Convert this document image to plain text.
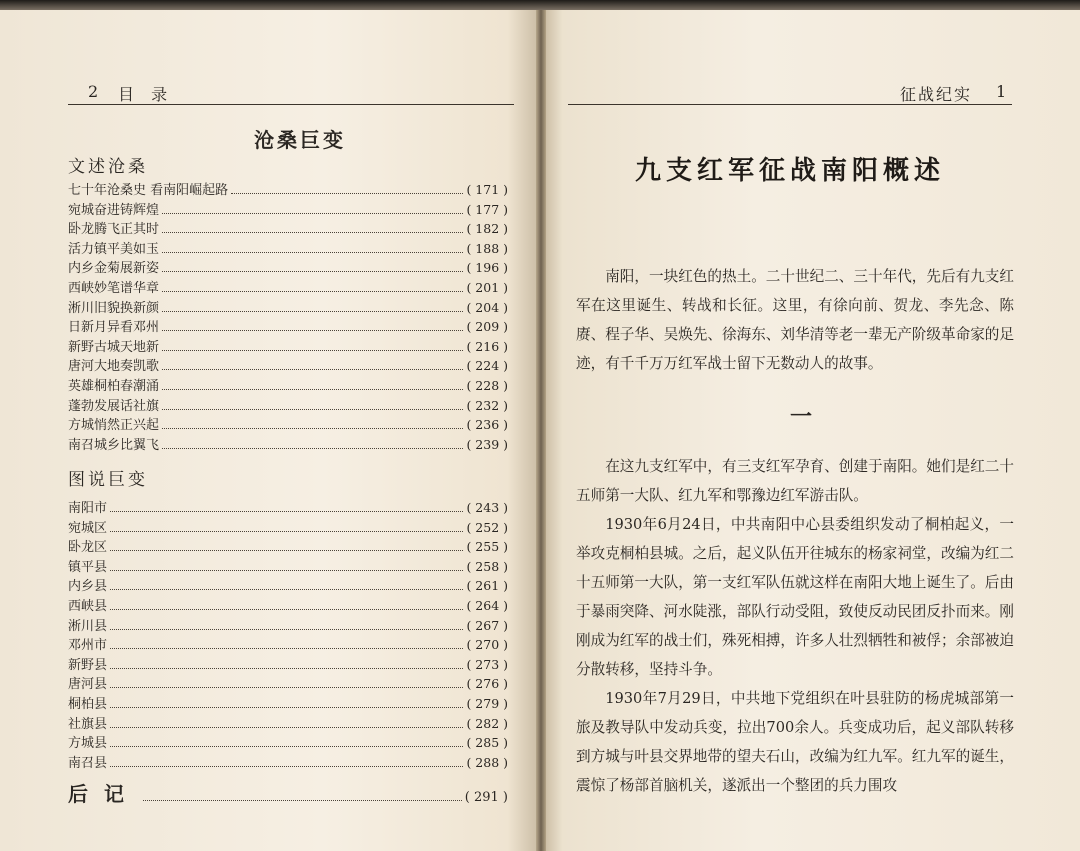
2 目 录
沧桑巨变
文述沧桑
七十年沧桑史 看南阳崛起路	( 171 )
宛城奋进铸辉煌	( 177 )
卧龙腾飞正其时	( 182 )
活力镇平美如玉	( 188 )
内乡金菊展新姿	( 196 )
西峡妙笔谱华章	( 201 )
淅川旧貌换新颜	( 204 )
日新月异看邓州	( 209 )
新野古城天地新	( 216 )
唐河大地奏凯歌	( 224 )
英雄桐柏春潮涌	( 228 )
蓬勃发展话社旗	( 232 )
方城悄然正兴起	( 236 )
南召城乡比翼飞	( 239 )
图说巨变
南阳市	( 243 )
宛城区	( 252 )
卧龙区	( 255 )
镇平县	( 258 )
内乡县	( 261 )
西峡县	( 264 )
淅川县	( 267 )
邓州市	( 270 )
新野县	( 273 )
唐河县	( 276 )
桐柏县	( 279 )
社旗县	( 282 )
方城县	( 285 )
南召县	( 288 )
后记	( 291 )
征战纪实 1
九支红军征战南阳概述

南阳，一块红色的热土。二十世纪二、三十年代，先后有九支红军在这里诞生、转战和长征。这里，有徐向前、贺龙、李先念、陈赓、程子华、吴焕先、徐海东、刘华清等老一辈无产阶级革命家的足迹，有千千万万红军战士留下无数动人的故事。

一

在这九支红军中，有三支红军孕育、创建于南阳。她们是红二十五师第一大队、红九军和鄂豫边红军游击队。

1930年6月24日，中共南阳中心县委组织发动了桐柏起义，一举攻克桐柏县城。之后，起义队伍开往城东的杨家祠堂，改编为红二十五师第一大队，第一支红军队伍就这样在南阳大地上诞生了。后由于暴雨突降、河水陡涨，部队行动受阻，致使反动民团反扑而来。刚刚成为红军的战士们，殊死相搏，许多人壮烈牺牲和被俘；余部被迫分散转移，坚持斗争。

1930年7月29日，中共地下党组织在叶县驻防的杨虎城部第一旅及教导队中发动兵变，拉出700余人。兵变成功后，起义部队转移到方城与叶县交界地带的望夫石山，改编为红九军。红九军的诞生，震惊了杨部首脑机关，遂派出一个整团的兵力围攻
